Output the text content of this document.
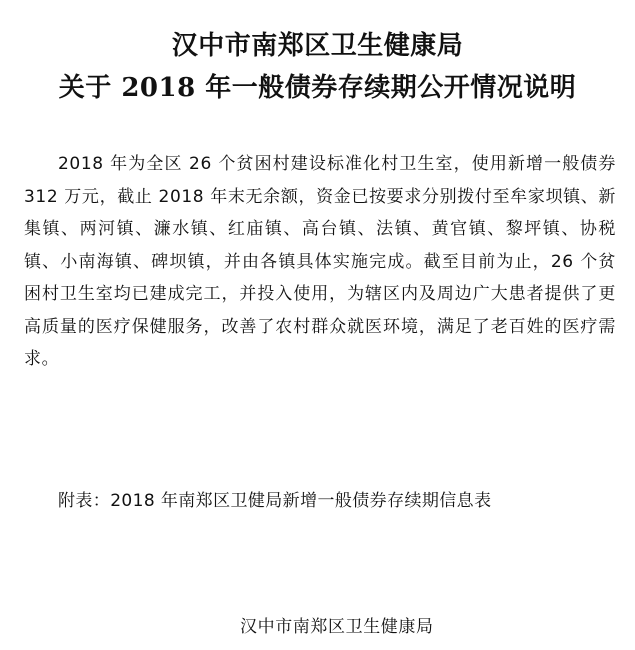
汉中市南郑区卫生健康局
关于 2018 年一般债券存续期公开情况说明

2018 年为全区 26 个贫困村建设标准化村卫生室，使用新增一般债券 312 万元，截止 2018 年末无余额，资金已按要求分别拨付至牟家坝镇、新集镇、两河镇、濂水镇、红庙镇、高台镇、法镇、黄官镇、黎坪镇、协税镇、小南海镇、碑坝镇，并由各镇具体实施完成。截至目前为止，26 个贫困村卫生室均已建成完工，并投入使用，为辖区内及周边广大患者提供了更高质量的医疗保健服务，改善了农村群众就医环境，满足了老百姓的医疗需求。

附表：2018 年南郑区卫健局新增一般债券存续期信息表

汉中市南郑区卫生健康局
